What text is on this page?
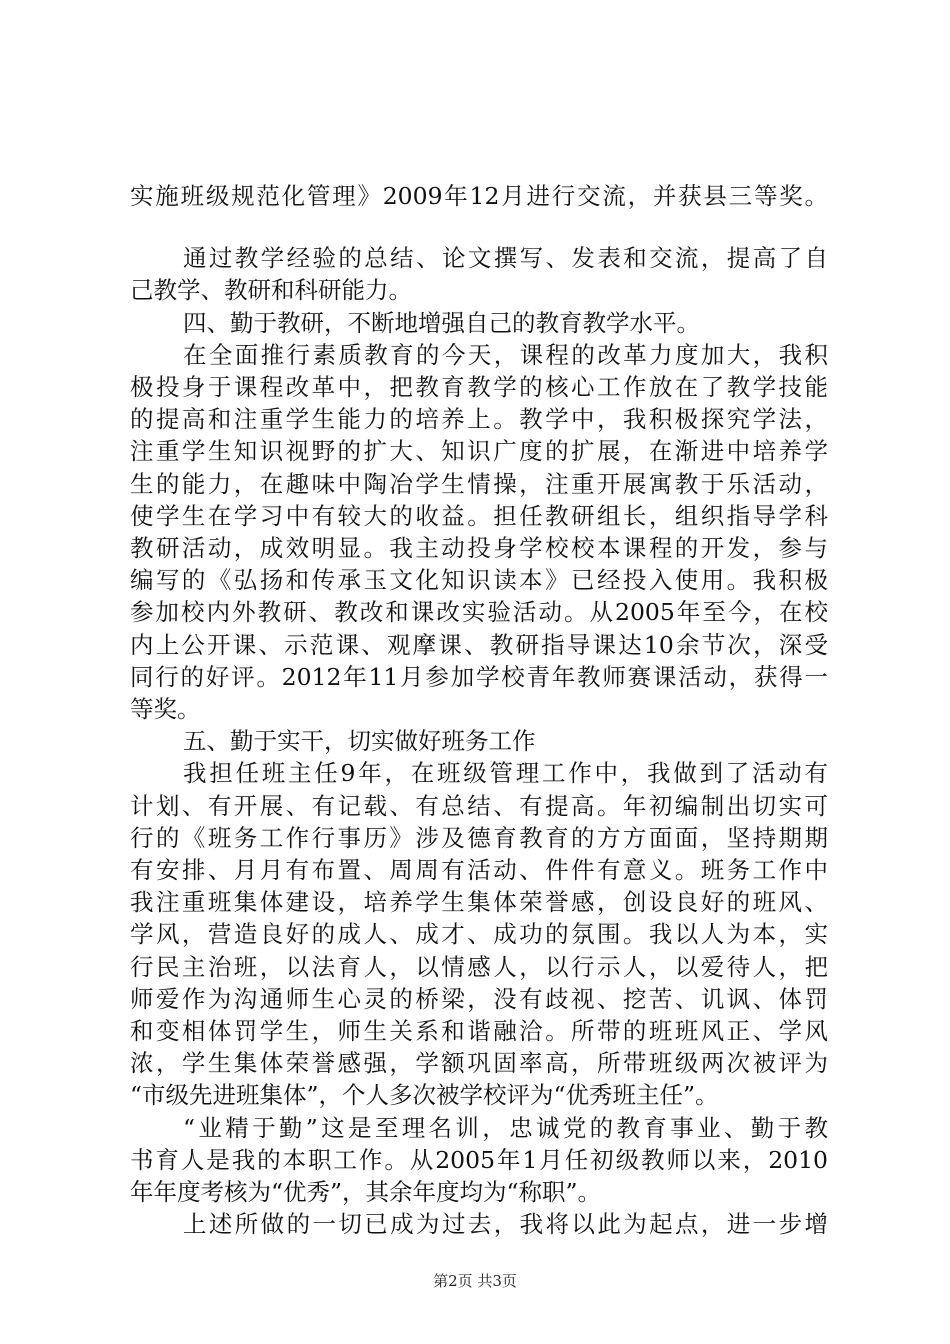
实施班级规范化管理》2009年12月进行交流，并获县三等奖。
通过教学经验的总结、论文撰写、发表和交流，提高了自
己教学、教研和科研能力。
四、勤于教研，不断地增强自己的教育教学水平。
在全面推行素质教育的今天，课程的改革力度加大，我积
极投身于课程改革中，把教育教学的核心工作放在了教学技能
的提高和注重学生能力的培养上。教学中，我积极探究学法，
注重学生知识视野的扩大、知识广度的扩展，在渐进中培养学
生的能力，在趣味中陶冶学生情操，注重开展寓教于乐活动，
使学生在学习中有较大的收益。担任教研组长，组织指导学科
教研活动，成效明显。我主动投身学校校本课程的开发，参与
编写的《弘扬和传承玉文化知识读本》已经投入使用。我积极
参加校内外教研、教改和课改实验活动。从2005年至今，在校
内上公开课、示范课、观摩课、教研指导课达10余节次，深受
同行的好评。2012年11月参加学校青年教师赛课活动，获得一
等奖。
五、勤于实干，切实做好班务工作
我担任班主任9年，在班级管理工作中，我做到了活动有
计划、有开展、有记载、有总结、有提高。年初编制出切实可
行的《班务工作行事历》涉及德育教育的方方面面，坚持期期
有安排、月月有布置、周周有活动、件件有意义。班务工作中
我注重班集体建设，培养学生集体荣誉感，创设良好的班风、
学风，营造良好的成人、成才、成功的氛围。我以人为本，实
行民主治班，以法育人，以情感人，以行示人，以爱待人，把
师爱作为沟通师生心灵的桥梁，没有歧视、挖苦、讥讽、体罚
和变相体罚学生，师生关系和谐融洽。所带的班班风正、学风
浓，学生集体荣誉感强，学额巩固率高，所带班级两次被评为
“市级先进班集体”，个人多次被学校评为“优秀班主任”。
“业精于勤”这是至理名训，忠诚党的教育事业、勤于教
书育人是我的本职工作。从2005年1月任初级教师以来，2010
年年度考核为“优秀”，其余年度均为“称职”。
上述所做的一切已成为过去，我将以此为起点，进一步增
第2页 共3页
